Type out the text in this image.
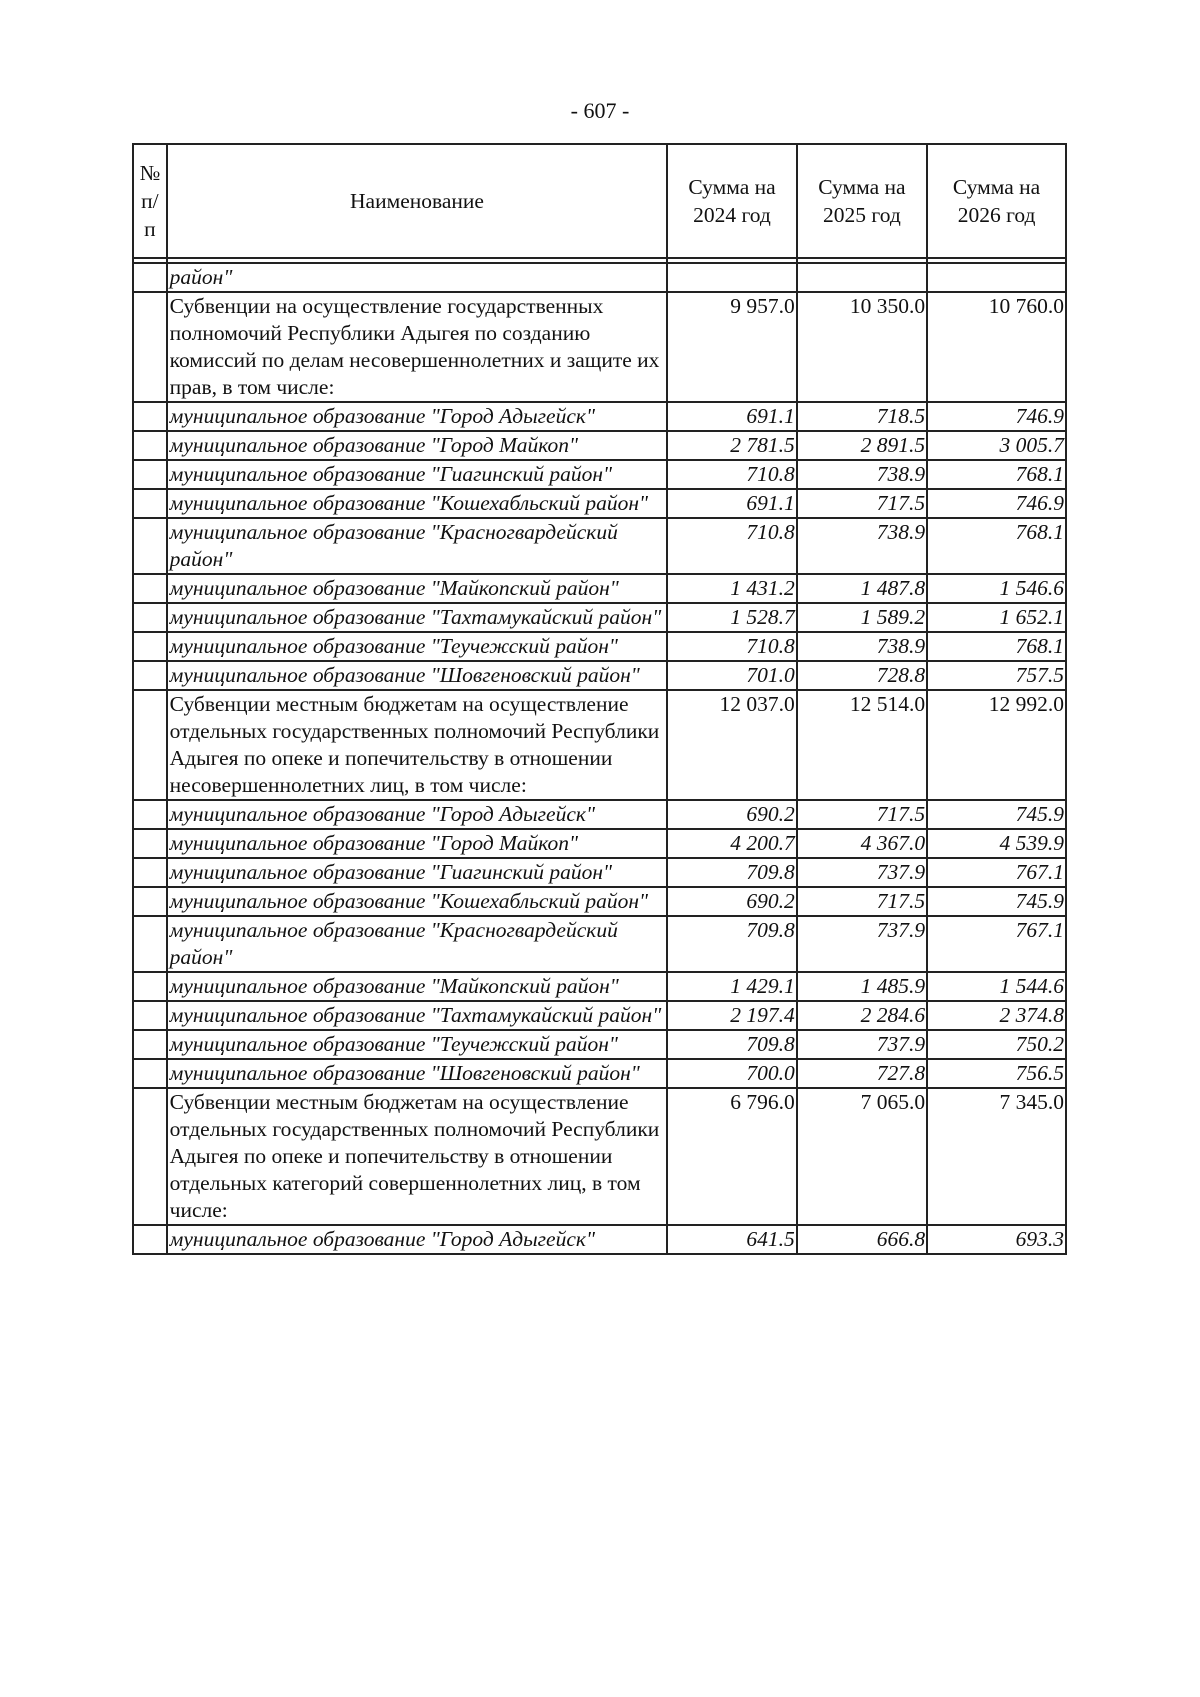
- 607 -
№ п/п	Наименование	Сумма на 2024 год	Сумма на 2025 год	Сумма на 2026 год

	район"			
	Субвенции на осуществление государственных полномочий Республики Адыгея по созданию комиссий по делам несовершеннолетних и защите их прав, в том числе:	9 957.0	10 350.0	10 760.0
	муниципальное образование "Город Адыгейск"	691.1	718.5	746.9
	муниципальное образование "Город Майкоп"	2 781.5	2 891.5	3 005.7
	муниципальное образование "Гиагинский район"	710.8	738.9	768.1
	муниципальное образование "Кошехабльский район"	691.1	717.5	746.9
	муниципальное образование "Красногвардейский район"	710.8	738.9	768.1
	муниципальное образование "Майкопский район"	1 431.2	1 487.8	1 546.6
	муниципальное образование "Тахтамукайский район"	1 528.7	1 589.2	1 652.1
	муниципальное образование "Теучежский район"	710.8	738.9	768.1
	муниципальное образование "Шовгеновский район"	701.0	728.8	757.5
	Субвенции местным бюджетам на осуществление отдельных государственных полномочий Республики Адыгея по опеке и попечительству в отношении несовершеннолетних лиц, в том числе:	12 037.0	12 514.0	12 992.0
	муниципальное образование "Город Адыгейск"	690.2	717.5	745.9
	муниципальное образование "Город Майкоп"	4 200.7	4 367.0	4 539.9
	муниципальное образование "Гиагинский район"	709.8	737.9	767.1
	муниципальное образование "Кошехабльский район"	690.2	717.5	745.9
	муниципальное образование "Красногвардейский район"	709.8	737.9	767.1
	муниципальное образование "Майкопский район"	1 429.1	1 485.9	1 544.6
	муниципальное образование "Тахтамукайский район"	2 197.4	2 284.6	2 374.8
	муниципальное образование "Теучежский район"	709.8	737.9	750.2
	муниципальное образование "Шовгеновский район"	700.0	727.8	756.5
	Субвенции местным бюджетам на осуществление отдельных государственных полномочий Республики Адыгея по опеке и попечительству в отношении отдельных категорий совершеннолетних лиц, в том числе:	6 796.0	7 065.0	7 345.0
	муниципальное образование "Город Адыгейск"	641.5	666.8	693.3
